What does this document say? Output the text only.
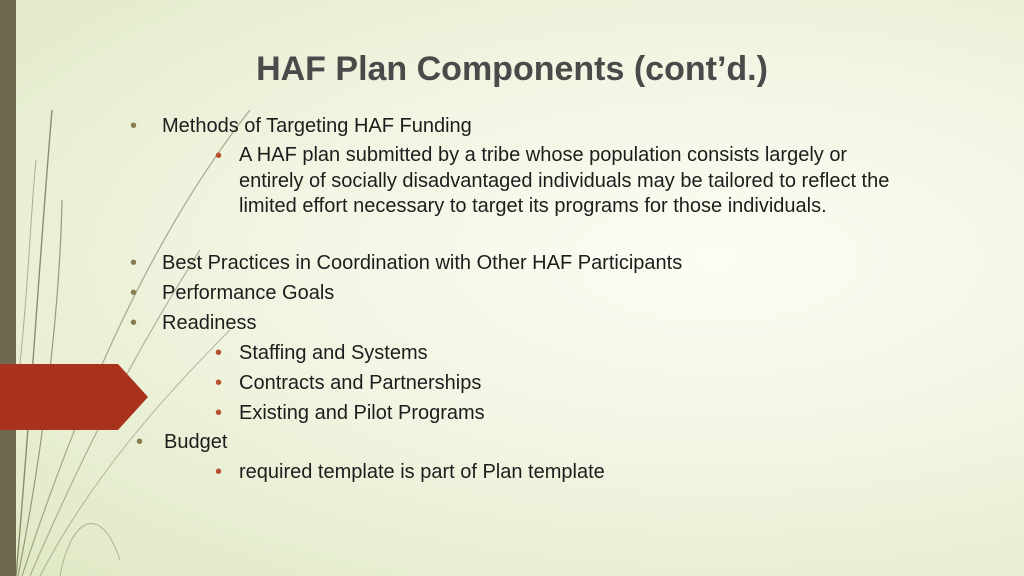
HAF Plan Components (cont’d.)
• Methods of Targeting HAF Funding
• A HAF plan submitted by a tribe whose population consists largely or entirely of socially disadvantaged individuals may be tailored to reflect the limited effort necessary to target its programs for those individuals.
• Best Practices in Coordination with Other HAF Participants
• Performance Goals
• Readiness
• Staffing and Systems
• Contracts and Partnerships
• Existing and Pilot Programs
• Budget
• required template is part of Plan template
